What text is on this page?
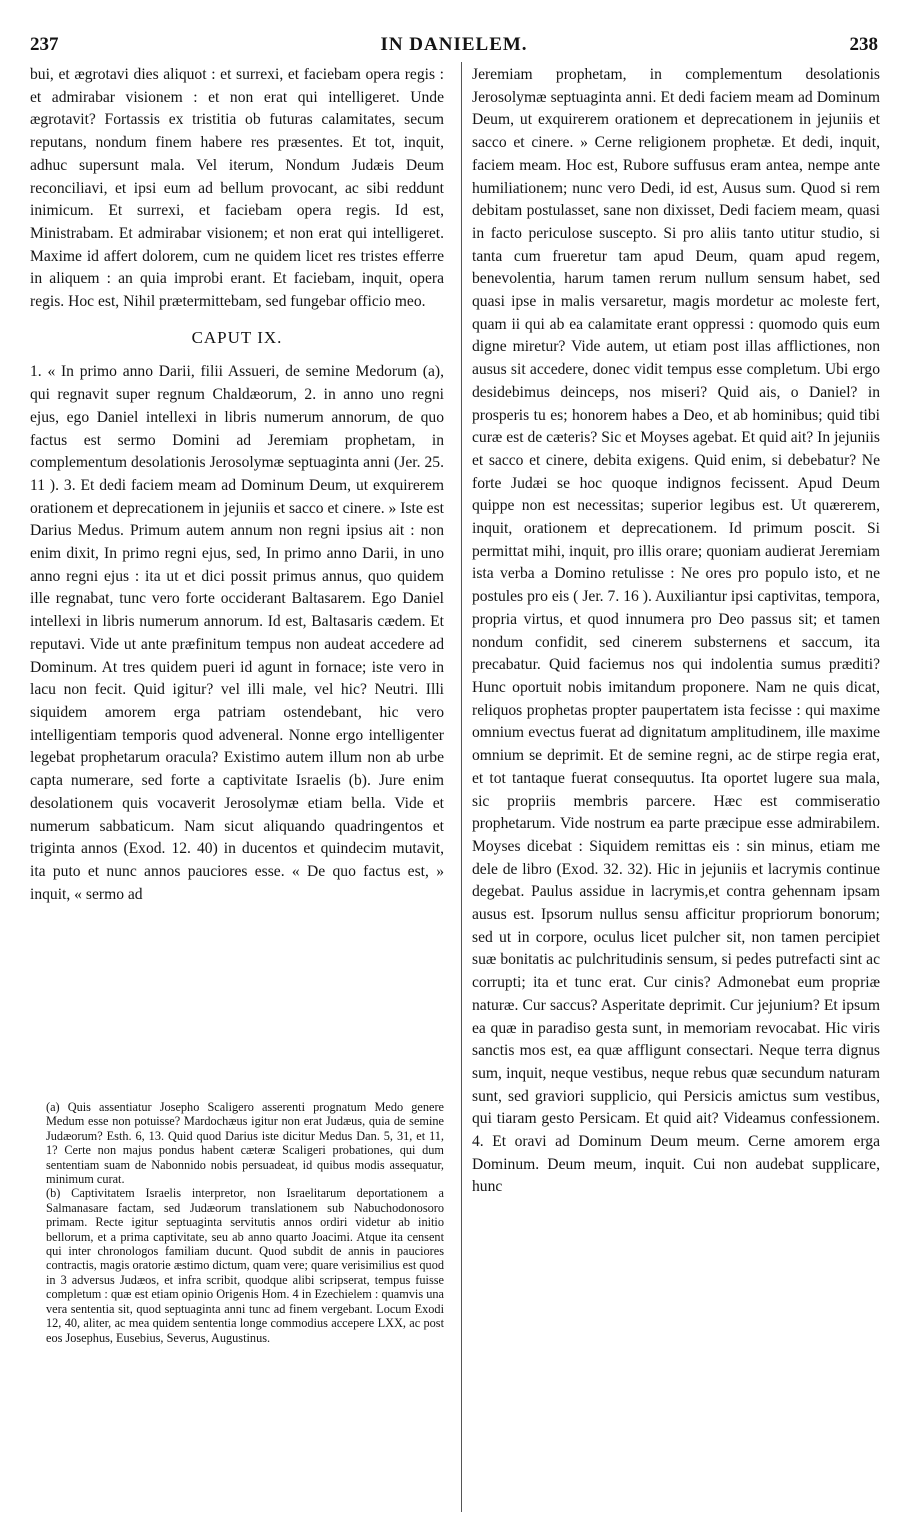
237	IN DANIELEM.	238

bui, et ægrotavi dies aliquot : et surrexi, et faciebam opera regis : et admirabar visionem : et non erat qui intelligeret. Unde ægrotavit? Fortassis ex tristitia ob futuras calamitates, secum reputans, nondum finem habere res præsentes. Et tot, inquit, adhuc supersunt mala. Vel iterum, Nondum Judæis Deum reconciliavi, et ipsi eum ad bellum provocant, ac sibi reddunt inimicum. Et surrexi, et faciebam opera regis. Id est, Ministrabam. Et admirabar visionem; et non erat qui intelligeret. Maxime id affert dolorem, cum ne quidem licet res tristes efferre in aliquem : an quia improbi erant. Et faciebam, inquit, opera regis. Hoc est, Nihil prætermittebam, sed fungebar officio meo.

CAPUT IX.

1. « In primo anno Darii, filii Assueri, de semine Medorum (a), qui regnavit super regnum Chaldæorum, 2. in anno uno regni ejus, ego Daniel intellexi in libris numerum annorum, de quo factus est sermo Domini ad Jeremiam prophetam, in complementum desolationis Jerosolymæ septuaginta anni (Jer. 25. 11 ). 3. Et dedi faciem meam ad Dominum Deum, ut exquirerem orationem et deprecationem in jejuniis et sacco et cinere. » Iste est Darius Medus. Primum autem annum non regni ipsius ait : non enim dixit, In primo regni ejus, sed, In primo anno Darii, in uno anno regni ejus : ita ut et dici possit primus annus, quo quidem ille regnabat, tunc vero forte occiderant Baltasarem. Ego Daniel intellexi in libris numerum annorum. Id est, Baltasaris cædem. Et reputavi. Vide ut ante præfinitum tempus non audeat accedere ad Dominum. At tres quidem pueri id agunt in fornace; iste vero in lacu non fecit. Quid igitur? vel illi male, vel hic? Neutri. Illi siquidem amorem erga patriam ostendebant, hic vero intelligentiam temporis quod adveneral. Nonne ergo intelligenter legebat prophetarum oracula? Existimo autem illum non ab urbe capta numerare, sed forte a captivitate Israelis (b). Jure enim desolationem quis vocaverit Jerosolymæ etiam bella. Vide et numerum sabbaticum. Nam sicut aliquando quadringentos et triginta annos (Exod. 12. 40) in ducentos et quindecim mutavit, ita puto et nunc annos pauciores esse. « De quo factus est, » inquit, « sermo ad

(a) Quis assentiatur Josepho Scaligero asserenti prognatum Medo genere Medum esse non potuisse? Mardochæus igitur non erat Judæus, quia de semine Judæorum? Esth. 6, 13. Quid quod Darius iste dicitur Medus Dan. 5, 31, et 11, 1? Certe non majus pondus habent cæteræ Scaligeri probationes, qui dum sententiam suam de Nabonnido nobis persuadeat, id quibus modis assequatur, minimum curat.

(b) Captivitatem Israelis interpretor, non Israelitarum deportationem a Salmanasare factam, sed Judæorum translationem sub Nabuchodonosoro primam. Recte igitur septuaginta servitutis annos ordiri videtur ab initio bellorum, et a prima captivitate, seu ab anno quarto Joacimi. Atque ita censent qui inter chronologos familiam ducunt. Quod subdit de annis in pauciores contractis, magis oratorie æstimo dictum, quam vere; quare verisimilius est quod in 3 adversus Judæos, et infra scribit, quodque alibi scripserat, tempus fuisse completum : quæ est etiam opinio Origenis Hom. 4 in Ezechielem : quamvis una vera sententia sit, quod septuaginta anni tunc ad finem vergebant. Locum Exodi 12, 40, aliter, ac mea quidem sententia longe commodius accepere LXX, ac post eos Josephus, Eusebius, Severus, Augustinus.

Jeremiam prophetam, in complementum desolationis Jerosolymæ septuaginta anni. Et dedi faciem meam ad Dominum Deum, ut exquirerem orationem et deprecationem in jejuniis et sacco et cinere. » Cerne religionem prophetæ. Et dedi, inquit, faciem meam. Hoc est, Rubore suffusus eram antea, nempe ante humiliationem; nunc vero Dedi, id est, Ausus sum. Quod si rem debitam postulasset, sane non dixisset, Dedi faciem meam, quasi in facto periculose suscepto. Si pro aliis tanto utitur studio, si tanta cum frueretur tam apud Deum, quam apud regem, benevolentia, harum tamen rerum nullum sensum habet, sed quasi ipse in malis versaretur, magis mordetur ac moleste fert, quam ii qui ab ea calamitate erant oppressi : quomodo quis eum digne miretur? Vide autem, ut etiam post illas afflictiones, non ausus sit accedere, donec vidit tempus esse completum. Ubi ergo desidebimus deinceps, nos miseri? Quid ais, o Daniel? in prosperis tu es; honorem habes a Deo, et ab hominibus; quid tibi curæ est de cæteris? Sic et Moyses agebat. Et quid ait? In jejuniis et sacco et cinere, debita exigens. Quid enim, si debebatur? Ne forte Judæi se hoc quoque indignos fecissent. Apud Deum quippe non est necessitas; superior legibus est. Ut quærerem, inquit, orationem et deprecationem. Id primum poscit. Si permittat mihi, inquit, pro illis orare; quoniam audierat Jeremiam ista verba a Domino retulisse : Ne ores pro populo isto, et ne postules pro eis ( Jer. 7. 16 ). Auxiliantur ipsi captivitas, tempora, propria virtus, et quod innumera pro Deo passus sit; et tamen nondum confidit, sed cinerem substernens et saccum, ita precabatur. Quid faciemus nos qui indolentia sumus præditi? Hunc oportuit nobis imitandum proponere. Nam ne quis dicat, reliquos prophetas propter paupertatem ista fecisse : qui maxime omnium evectus fuerat ad dignitatum amplitudinem, ille maxime omnium se deprimit. Et de semine regni, ac de stirpe regia erat, et tot tantaque fuerat consequutus. Ita oportet lugere sua mala, sic propriis membris parcere. Hæc est commiseratio prophetarum. Vide nostrum ea parte præcipue esse admirabilem. Moyses dicebat : Siquidem remittas eis : sin minus, etiam me dele de libro (Exod. 32. 32). Hic in jejuniis et lacrymis continue degebat. Paulus assidue in lacrymis,et contra gehennam ipsam ausus est. Ipsorum nullus sensu afficitur propriorum bonorum; sed ut in corpore, oculus licet pulcher sit, non tamen percipiet suæ bonitatis ac pulchritudinis sensum, si pedes putrefacti sint ac corrupti; ita et tunc erat. Cur cinis? Admonebat eum propriæ naturæ. Cur saccus? Asperitate deprimit. Cur jejunium? Et ipsum ea quæ in paradiso gesta sunt, in memoriam revocabat. Hic viris sanctis mos est, ea quæ affligunt consectari. Neque terra dignus sum, inquit, neque vestibus, neque rebus quæ secundum naturam sunt, sed graviori supplicio, qui Persicis amictus sum vestibus, qui tiaram gesto Persicam. Et quid ait? Videamus confessionem. 4. Et oravi ad Dominum Deum meum. Cerne amorem erga Dominum. Deum meum, inquit. Cui non audebat supplicare, hunc
